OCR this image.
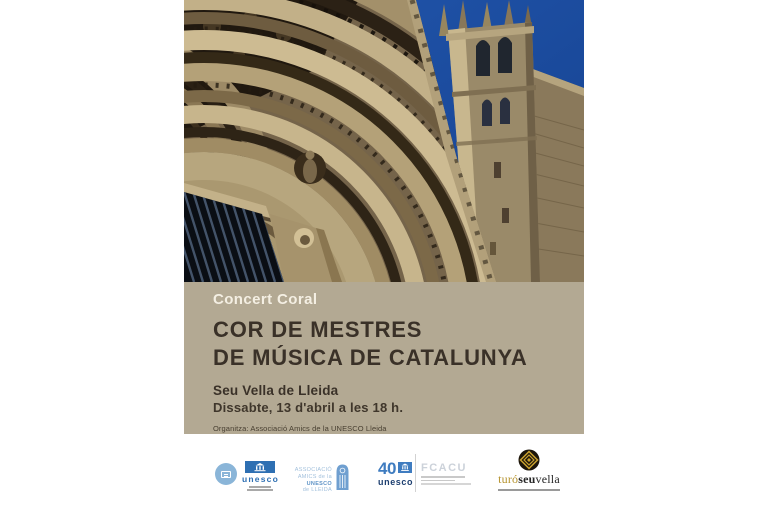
Concert Coral
COR DE MESTRES
DE MÚSICA DE CATALUNYA
Seu Vella de Lleida
Dissabte, 13 d'abril a les 18 h.
Organitza: Associació Amics de la UNESCO Lleida
unesco
ASSOCIACIÓ
AMICS de la UNESCO
de LLEIDA
40
unesco
FCACU
turóseuvella
